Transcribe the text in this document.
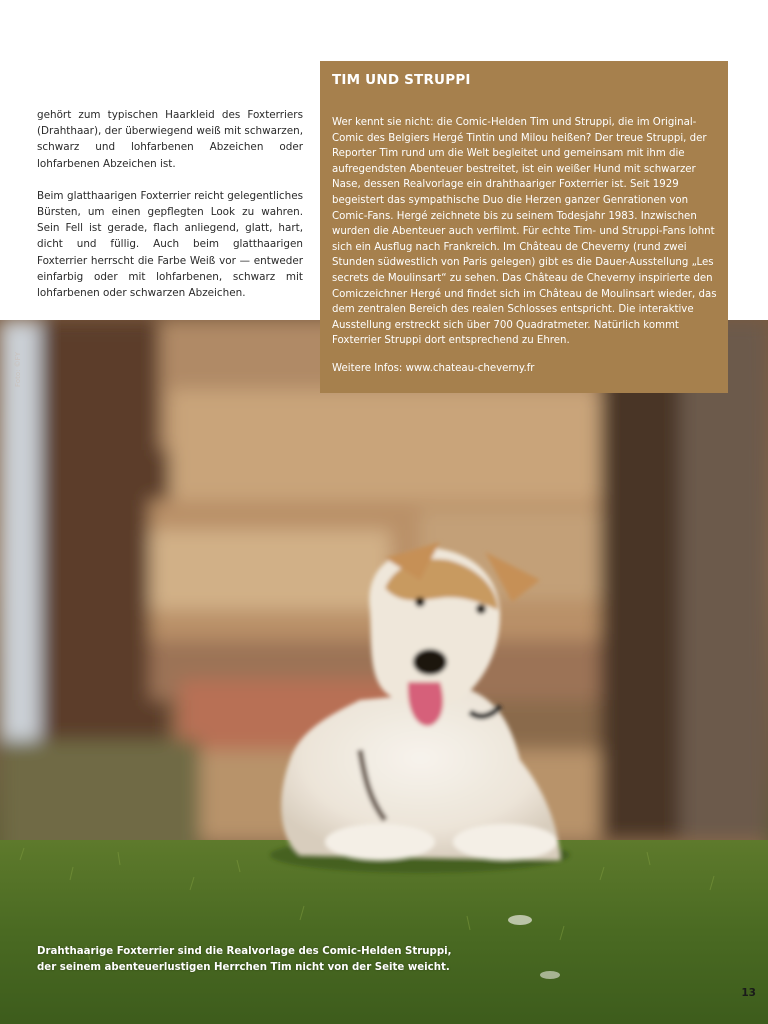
gehört zum typischen Haarkleid des Foxterriers (Drahthaar), der überwiegend weiß mit schwarzen, schwarz und lohfarbenen Abzeichen oder lohfarbenen Abzeichen ist.

Beim glatthaarigen Foxterrier reicht gelegentliches Bürsten, um einen gepflegten Look zu wahren. Sein Fell ist gerade, flach anliegend, glatt, hart, dicht und füllig. Auch beim glatthaarigen Foxterrier herrscht die Farbe Weiß vor — entweder einfarbig oder mit lohfarbenen, schwarz mit lohfarbenen oder schwarzen Abzeichen.

TIM UND STRUPPI
Wer kennt sie nicht: die Comic-Helden Tim und Struppi, die im Original-Comic des Belgiers Hergé Tintin und Milou heißen? Der treue Struppi, der Reporter Tim rund um die Welt begleitet und gemeinsam mit ihm die aufregendsten Abenteuer bestreitet, ist ein weißer Hund mit schwarzer Nase, dessen Realvorlage ein drahthaariger Foxterrier ist. Seit 1929 begeistert das sympathische Duo die Herzen ganzer Genrationen von Comic-Fans. Hergé zeichnete bis zu seinem Todesjahr 1983. Inzwischen wurden die Abenteuer auch verfilmt. Für echte Tim- und Struppi-Fans lohnt sich ein Ausflug nach Frankreich. Im Château de Cheverny (rund zwei Stunden südwestlich von Paris gelegen) gibt es die Dauer-Ausstellung „Les secrets de Moulinsart“ zu sehen. Das Château de Cheverny inspirierte den Comiczeichner Hergé und findet sich im Château de Moulinsart wieder, das dem zentralen Bereich des realen Schlosses entspricht. Die interaktive Ausstellung erstreckt sich über 700 Quadratmeter. Natürlich kommt Foxterrier Struppi dort entsprechend zu Ehren.
Weitere Infos: www.chateau-cheverny.fr
Foto: ©FY
Drahthaarige Foxterrier sind die Realvorlage des Comic-Helden Struppi,
der seinem abenteuerlustigen Herrchen Tim nicht von der Seite weicht.
13
